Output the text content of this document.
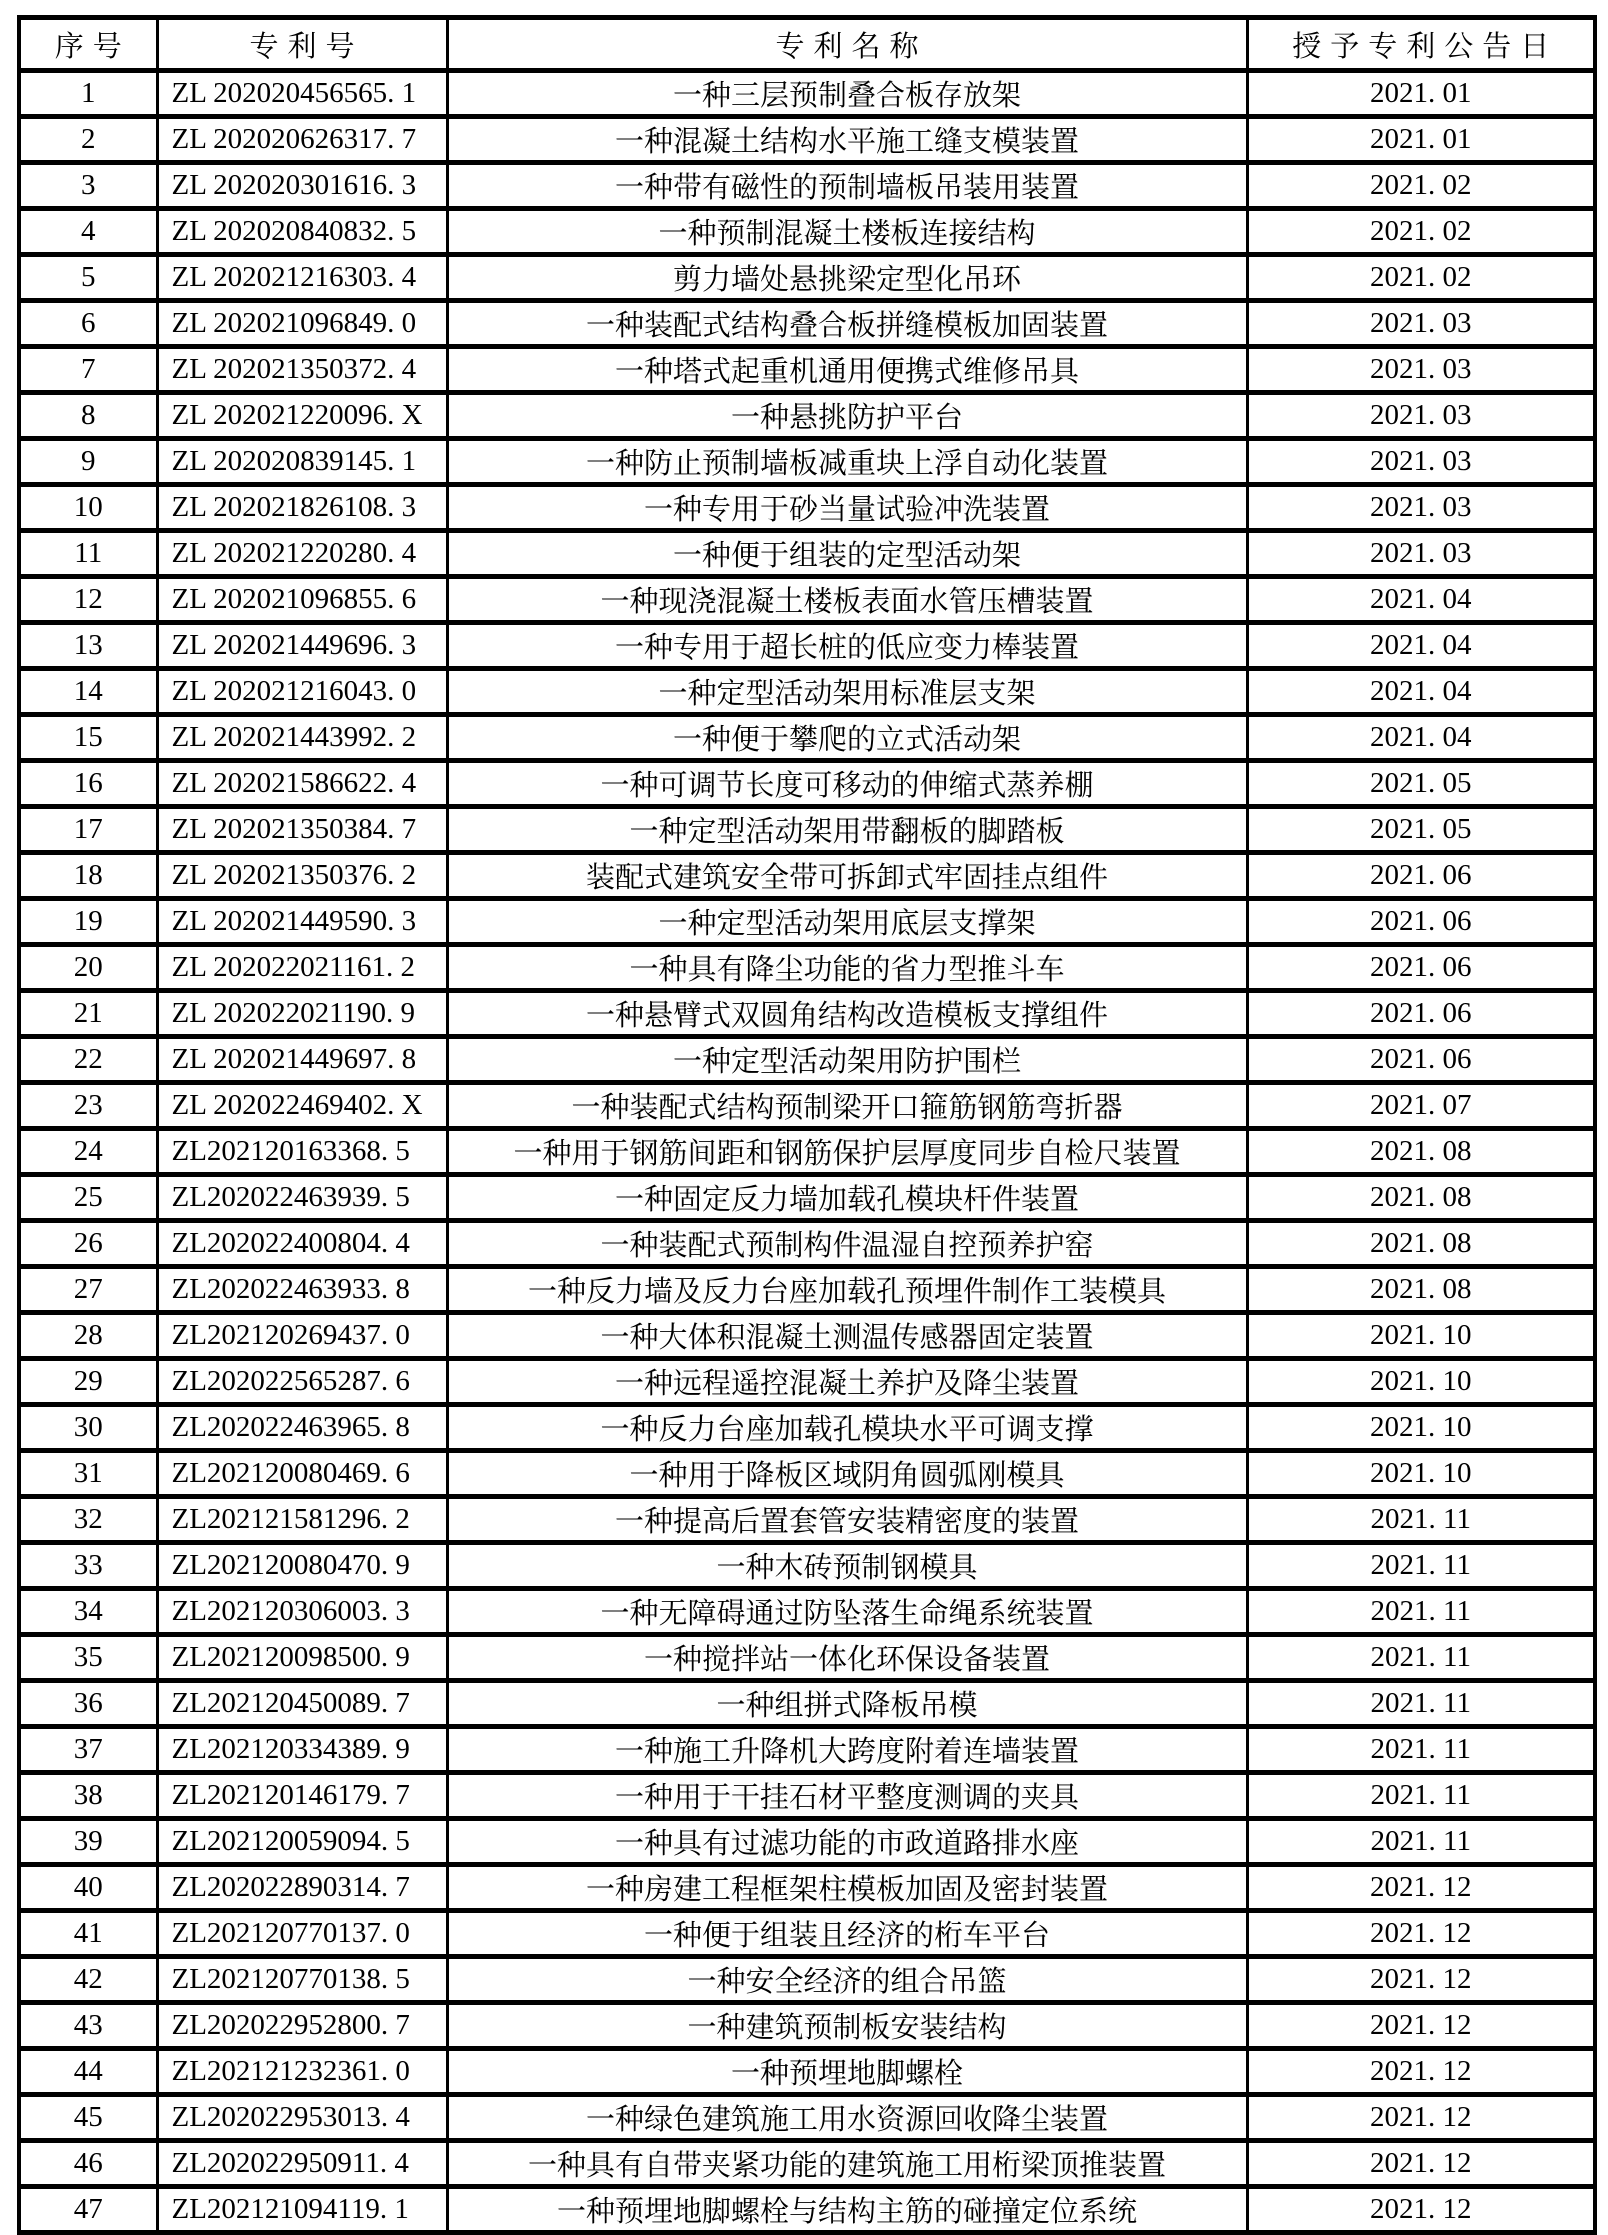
序号	专利号	专利名称	授予专利公告日
1	ZL 202020456565. 1	一种三层预制叠合板存放架	2021. 01
2	ZL 202020626317. 7	一种混凝土结构水平施工缝支模装置	2021. 01
3	ZL 202020301616. 3	一种带有磁性的预制墙板吊装用装置	2021. 02
4	ZL 202020840832. 5	一种预制混凝土楼板连接结构	2021. 02
5	ZL 202021216303. 4	剪力墙处悬挑梁定型化吊环	2021. 02
6	ZL 202021096849. 0	一种装配式结构叠合板拼缝模板加固装置	2021. 03
7	ZL 202021350372. 4	一种塔式起重机通用便携式维修吊具	2021. 03
8	ZL 202021220096. X	一种悬挑防护平台	2021. 03
9	ZL 202020839145. 1	一种防止预制墙板减重块上浮自动化装置	2021. 03
10	ZL 202021826108. 3	一种专用于砂当量试验冲洗装置	2021. 03
11	ZL 202021220280. 4	一种便于组装的定型活动架	2021. 03
12	ZL 202021096855. 6	一种现浇混凝土楼板表面水管压槽装置	2021. 04
13	ZL 202021449696. 3	一种专用于超长桩的低应变力棒装置	2021. 04
14	ZL 202021216043. 0	一种定型活动架用标准层支架	2021. 04
15	ZL 202021443992. 2	一种便于攀爬的立式活动架	2021. 04
16	ZL 202021586622. 4	一种可调节长度可移动的伸缩式蒸养棚	2021. 05
17	ZL 202021350384. 7	一种定型活动架用带翻板的脚踏板	2021. 05
18	ZL 202021350376. 2	装配式建筑安全带可拆卸式牢固挂点组件	2021. 06
19	ZL 202021449590. 3	一种定型活动架用底层支撑架	2021. 06
20	ZL 202022021161. 2	一种具有降尘功能的省力型推斗车	2021. 06
21	ZL 202022021190. 9	一种悬臂式双圆角结构改造模板支撑组件	2021. 06
22	ZL 202021449697. 8	一种定型活动架用防护围栏	2021. 06
23	ZL 202022469402. X	一种装配式结构预制梁开口箍筋钢筋弯折器	2021. 07
24	ZL202120163368. 5	一种用于钢筋间距和钢筋保护层厚度同步自检尺装置	2021. 08
25	ZL202022463939. 5	一种固定反力墙加载孔模块杆件装置	2021. 08
26	ZL202022400804. 4	一种装配式预制构件温湿自控预养护窑	2021. 08
27	ZL202022463933. 8	一种反力墙及反力台座加载孔预埋件制作工装模具	2021. 08
28	ZL202120269437. 0	一种大体积混凝土测温传感器固定装置	2021. 10
29	ZL202022565287. 6	一种远程遥控混凝土养护及降尘装置	2021. 10
30	ZL202022463965. 8	一种反力台座加载孔模块水平可调支撑	2021. 10
31	ZL202120080469. 6	一种用于降板区域阴角圆弧刚模具	2021. 10
32	ZL202121581296. 2	一种提高后置套管安装精密度的装置	2021. 11
33	ZL202120080470. 9	一种木砖预制钢模具	2021. 11
34	ZL202120306003. 3	一种无障碍通过防坠落生命绳系统装置	2021. 11
35	ZL202120098500. 9	一种搅拌站一体化环保设备装置	2021. 11
36	ZL202120450089. 7	一种组拼式降板吊模	2021. 11
37	ZL202120334389. 9	一种施工升降机大跨度附着连墙装置	2021. 11
38	ZL202120146179. 7	一种用于干挂石材平整度测调的夹具	2021. 11
39	ZL202120059094. 5	一种具有过滤功能的市政道路排水座	2021. 11
40	ZL202022890314. 7	一种房建工程框架柱模板加固及密封装置	2021. 12
41	ZL202120770137. 0	一种便于组装且经济的桁车平台	2021. 12
42	ZL202120770138. 5	一种安全经济的组合吊篮	2021. 12
43	ZL202022952800. 7	一种建筑预制板安装结构	2021. 12
44	ZL202121232361. 0	一种预埋地脚螺栓	2021. 12
45	ZL202022953013. 4	一种绿色建筑施工用水资源回收降尘装置	2021. 12
46	ZL202022950911. 4	一种具有自带夹紧功能的建筑施工用桁梁顶推装置	2021. 12
47	ZL202121094119. 1	一种预埋地脚螺栓与结构主筋的碰撞定位系统	2021. 12
